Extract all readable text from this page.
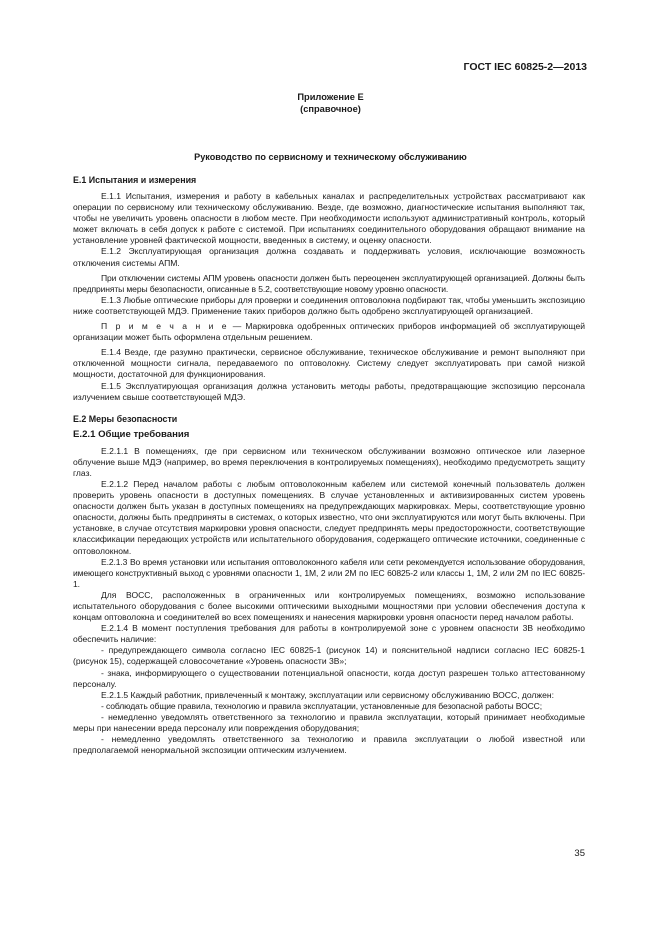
ГОСТ IEC 60825-2—2013
Приложение Е
(справочное)
Руководство по сервисному и техническому обслуживанию
Е.1 Испытания и измерения

Е.1.1 Испытания, измерения и работу в кабельных каналах и распределительных устройствах рассматривают как операции по сервисному или техническому обслуживанию. Везде, где возможно, диагностические испытания выполняют так, чтобы не увеличить уровень опасности в любом месте. При необходимости используют административный контроль, который может включать в себя допуск к работе с системой. При испытаниях соединительного оборудования обращают внимание на установление уровней фактической мощности, введенных в систему, и оценку опасности.

Е.1.2 Эксплуатирующая организация должна создавать и поддерживать условия, исключающие возможность отключения системы АПМ.

При отключении системы АПМ уровень опасности должен быть переоценен эксплуатирующей организацией. Должны быть предприняты меры безопасности, описанные в 5.2, соответствующие новому уровню опасности.

Е.1.3 Любые оптические приборы для проверки и соединения оптоволокна подбирают так, чтобы уменьшить экспозицию ниже соответствующей МДЭ. Применение таких приборов должно быть одобрено эксплуатирующей организацией.

П р и м е ч а н и е — Маркировка одобренных оптических приборов информацией об эксплуатирующей организации может быть оформлена отдельным решением.

Е.1.4 Везде, где разумно практически, сервисное обслуживание, техническое обслуживание и ремонт выполняют при отключенной мощности сигнала, передаваемого по оптоволокну. Систему следует эксплуатировать при самой низкой мощности, достаточной для функционирования.

Е.1.5 Эксплуатирующая организация должна установить методы работы, предотвращающие экспозицию персонала излучением свыше соответствующей МДЭ.

Е.2 Меры безопасности
Е.2.1 Общие требования

Е.2.1.1 В помещениях, где при сервисном или техническом обслуживании возможно оптическое или лазерное облучение выше МДЭ (например, во время переключения в контролируемых помещениях), необходимо предусмотреть защиту глаз.

Е.2.1.2 Перед началом работы с любым оптоволоконным кабелем или системой конечный пользователь должен проверить уровень опасности в доступных помещениях. В случае установленных и активизированных систем уровень опасности должен быть указан в доступных помещениях на предупреждающих маркировках. Меры, соответствующие уровню опасности, должны быть предприняты в системах, о которых известно, что они эксплуатируются или могут быть включены. При установке, в случае отсутствия маркировки уровня опасности, следует предпринять меры предосторожности, соответствующие классификации передающих устройств или испытательного оборудования, содержащего оптические источники, соединенные с оптоволокном.

Е.2.1.3 Во время установки или испытания оптоволоконного кабеля или сети рекомендуется использование оборудования, имеющего конструктивный выход с уровнями опасности 1, 1М, 2 или 2М по IEC 60825-2 или классы 1, 1М, 2 или 2М по IEC 60825-1.

Для ВОСС, расположенных в ограниченных или контролируемых помещениях, возможно использование испытательного оборудования с более высокими оптическими выходными мощностями при условии обеспечения доступа к концам оптоволокна и соединителей во всех помещениях и нанесения маркировки уровня опасности перед началом работы.

Е.2.1.4 В момент поступления требования для работы в контролируемой зоне с уровнем опасности 3В необходимо обеспечить наличие:

- предупреждающего символа согласно IEC 60825-1 (рисунок 14) и пояснительной надписи согласно IEC 60825-1 (рисунок 15), содержащей словосочетание «Уровень опасности 3В»;

- знака, информирующего о существовании потенциальной опасности, когда доступ разрешен только аттестованному персоналу.

Е.2.1.5 Каждый работник, привлеченный к монтажу, эксплуатации или сервисному обслуживанию ВОСС, должен:

- соблюдать общие правила, технологию и правила эксплуатации, установленные для безопасной работы ВОСС;

- немедленно уведомлять ответственного за технологию и правила эксплуатации, который принимает необходимые меры при нанесении вреда персоналу или повреждения оборудования;

- немедленно уведомлять ответственного за технологию и правила эксплуатации о любой известной или предполагаемой ненормальной экспозиции оптическим излучением.

35
